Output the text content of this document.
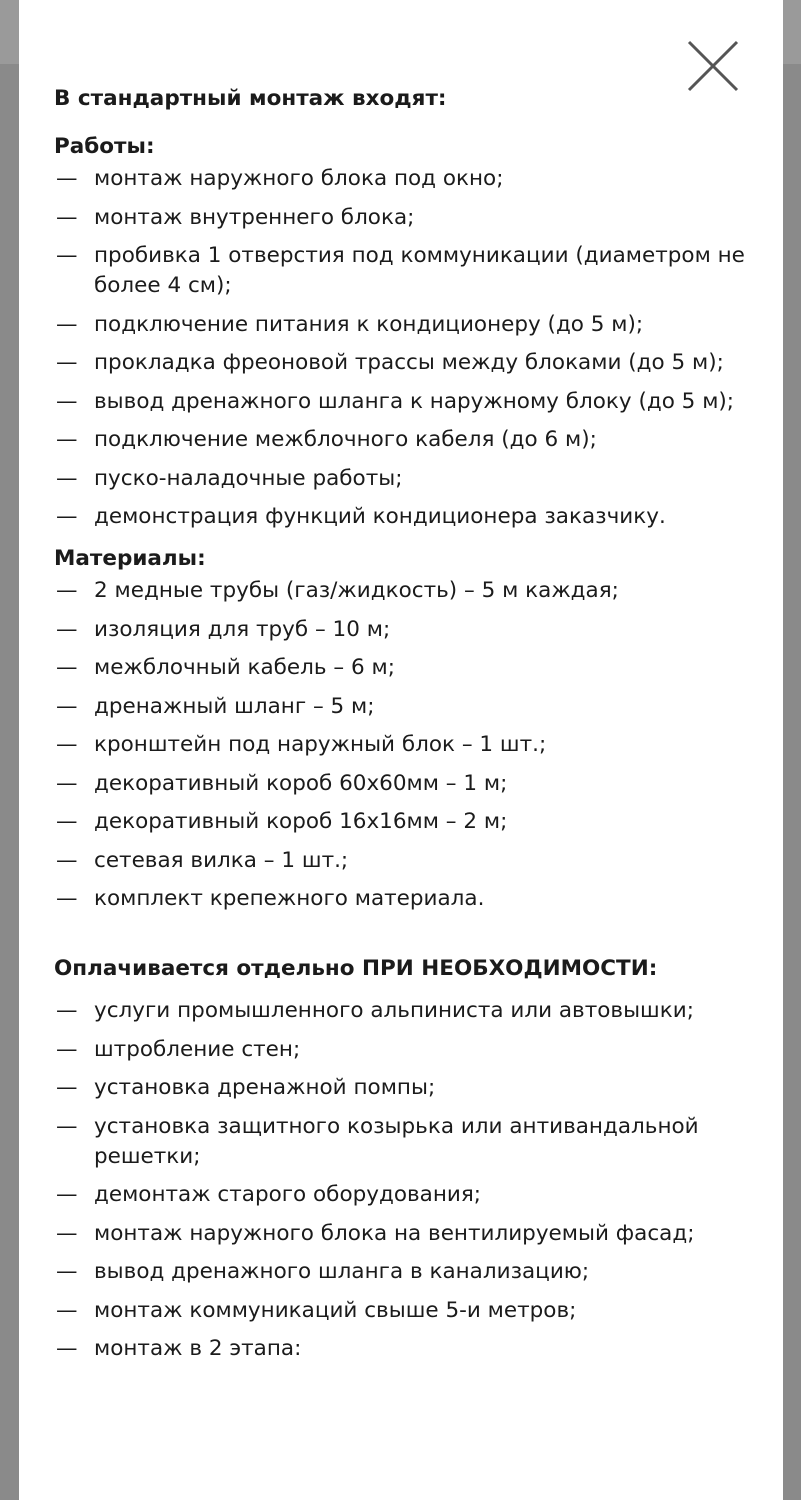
В стандартный монтаж входят:
Работы:
— монтаж наружного блока под окно;
— монтаж внутреннего блока;
— пробивка 1 отверстия под коммуникации (диаметром не более 4 см);
— подключение питания к кондиционеру (до 5 м);
— прокладка фреоновой трассы между блоками (до 5 м);
— вывод дренажного шланга к наружному блоку (до 5 м);
— подключение межблочного кабеля (до 6 м);
— пуско-наладочные работы;
— демонстрация функций кондиционера заказчику.
Материалы:
— 2 медные трубы (газ/жидкость) – 5 м каждая;
— изоляция для труб – 10 м;
— межблочный кабель – 6 м;
— дренажный шланг – 5 м;
— кронштейн под наружный блок – 1 шт.;
— декоративный короб 60х60мм – 1 м;
— декоративный короб 16х16мм – 2 м;
— сетевая вилка – 1 шт.;
— комплект крепежного материала.
Оплачивается отдельно ПРИ НЕОБХОДИМОСТИ:
— услуги промышленного альпиниста или автовышки;
— штробление стен;
— установка дренажной помпы;
— установка защитного козырька или антивандальной решетки;
— демонтаж старого оборудования;
— монтаж наружного блока на вентилируемый фасад;
— вывод дренажного шланга в канализацию;
— монтаж коммуникаций свыше 5-и метров;
— монтаж в 2 этапа:
